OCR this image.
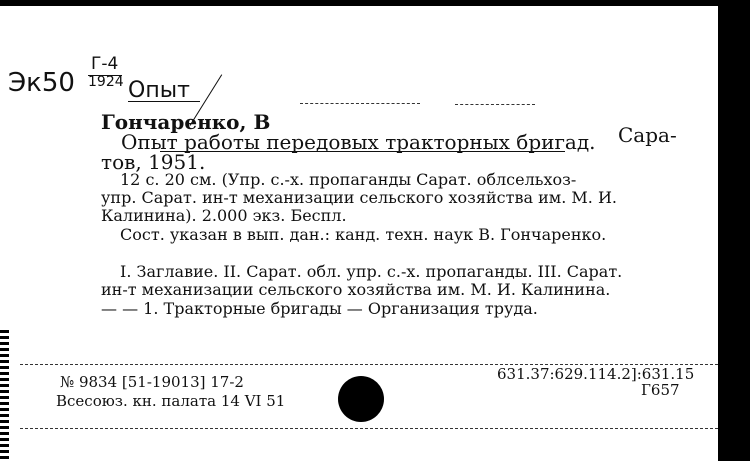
Эк50
Г-4
1924 Опыт
Гончаренко, В
Опыт работы передовых тракторных бригад. Сара-
тов, 1951.
12 с. 20 см. (Упр. с.-х. пропаганды Сарат. облсельхоз-
упр. Сарат. ин-т механизации сельского хозяйства им. М. И.
Калинина). 2.000 экз. Беспл.
Сост. указан в вып. дан.: канд. техн. наук В. Гончаренко.
I. Заглавие. II. Сарат. обл. упр. с.-х. пропаганды. III. Сарат.
ин-т механизации сельского хозяйства им. М. И. Калинина.
— — 1. Тракторные бригады — Организация труда.
№ 9834 [51-19013] 17-2
Всесоюз. кн. палата 14 VI 51
631.37:629.114.2]:631.15
Г657
